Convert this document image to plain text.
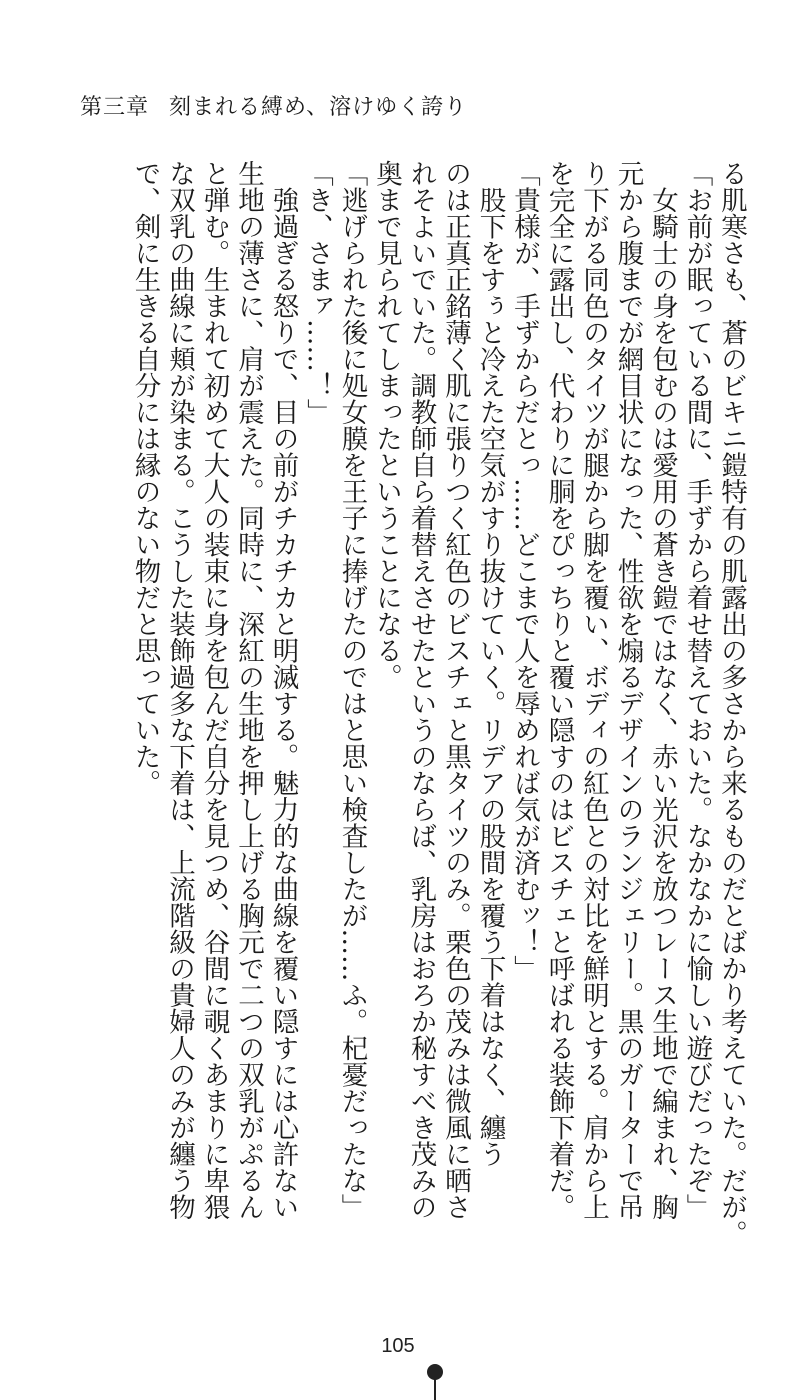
第三章 刻まれる縛め、溶けゆく誇り
る肌寒さも、蒼のビキニ鎧特有の肌露出の多さから来るものだとばかり考えていた。だが。
「お前が眠っている間に、手ずから着せ替えておいた。なかなかに愉しい遊びだったぞ」
　女騎士の身を包むのは愛用の蒼き鎧ではなく、赤い光沢を放つレース生地で編まれ、胸
元から腹までが網目状になった、性欲を煽るデザインのランジェリー。黒のガーターで吊
り下がる同色のタイツが腿から脚を覆い、ボディの紅色との対比を鮮明とする。肩から上
を完全に露出し、代わりに胴をぴっちりと覆い隠すのはビスチェと呼ばれる装飾下着だ。
「貴様が、手ずからだとっ……どこまで人を辱めれば気が済むッ！」
　股下をすぅと冷えた空気がすり抜けていく。リデアの股間を覆う下着はなく、纏う
のは正真正銘薄く肌に張りつく紅色のビスチェと黒タイツのみ。栗色の茂みは微風に晒さ
れそよいでいた。調教師自ら着替えさせたというのならば、乳房はおろか秘すべき茂みの
奥まで見られてしまったということになる。
「逃げられた後に処女膜を王子に捧げたのではと思い検査したが……ふ。杞憂だったな」
「き、さまァ……！」
　強過ぎる怒りで、目の前がチカチカと明滅する。魅力的な曲線を覆い隠すには心許ない
生地の薄さに、肩が震えた。同時に、深紅の生地を押し上げる胸元で二つの双乳がぷるん
と弾む。生まれて初めて大人の装束に身を包んだ自分を見つめ、谷間に覗くあまりに卑猥
な双乳の曲線に頬が染まる。こうした装飾過多な下着は、上流階級の貴婦人のみが纏う物
で、剣に生きる自分には縁のない物だと思っていた。
105
